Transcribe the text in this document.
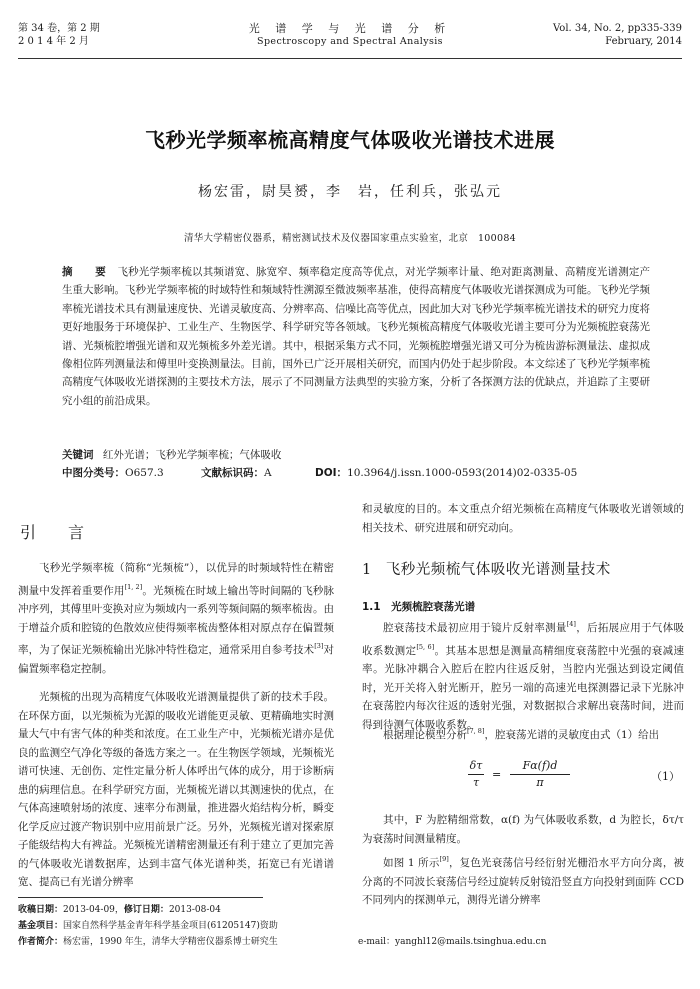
第 34 卷，第 2 期
2 0 1 4 年 2 月
光 谱 学 与 光 谱 分 析
Spectroscopy and Spectral Analysis
Vol. 34, No. 2, pp335-339
February, 2014
飞秒光学频率梳高精度气体吸收光谱技术进展
杨宏雷，尉昊赟，李　岩，任利兵，张弘元
清华大学精密仪器系，精密测试技术及仪器国家重点实验室，北京　100084
摘　要 飞秒光学频率梳以其频谱宽、脉宽窄、频率稳定度高等优点，对光学频率计量、绝对距离测量、高精度光谱测定产生重大影响。飞秒光学频率梳的时域特性和频域特性溯源至微波频率基准，使得高精度气体吸收光谱探测成为可能。飞秒光学频率梳光谱技术具有测量速度快、光谱灵敏度高、分辨率高、信噪比高等优点，因此加大对飞秒光学频率梳光谱技术的研究力度将更好地服务于环境保护、工业生产、生物医学、科学研究等各领域。飞秒光频梳高精度气体吸收光谱主要可分为光频梳腔衰荡光谱、光频梳腔增强光谱和双光频梳多外差光谱。其中，根据采集方式不同，光频梳腔增强光谱又可分为梳齿游标测量法、虚拟成像相位阵列测量法和傅里叶变换测量法。目前，国外已广泛开展相关研究，而国内仍处于起步阶段。本文综述了飞秒光学频率梳高精度气体吸收光谱探测的主要技术方法，展示了不同测量方法典型的实验方案，分析了各探测方法的优缺点，并追踪了主要研究小组的前沿成果。
关键词 红外光谱；飞秒光学频率梳；气体吸收
中图分类号：O657.3	文献标识码：A	DOI：10.3964/j.issn.1000-0593(2014)02-0335-05
引　言
飞秒光学频率梳（简称“光频梳”），以优异的时频域特性在精密测量中发挥着重要作用[1, 2]。光频梳在时域上输出等时间隔的飞秒脉冲序列，其傅里叶变换对应为频域内一系列等频间隔的频率梳齿。由于增益介质和腔镜的色散效应使得频率梳齿整体相对原点存在偏置频率，为了保证光频梳输出光脉冲特性稳定，通常采用自参考技术[3]对偏置频率稳定控制。
光频梳的出现为高精度气体吸收光谱测量提供了新的技术手段。在环保方面，以光频梳为光源的吸收光谱能更灵敏、更精确地实时测量大气中有害气体的种类和浓度。在工业生产中，光频梳光谱亦是优良的监测空气净化等级的备选方案之一。在生物医学领域，光频梳光谱可快速、无创伤、定性定量分析人体呼出气体的成分，用于诊断病患的病理信息。在科学研究方面，光频梳光谱以其测速快的优点，在气体高速喷射场的浓度、速率分布测量，推进器火焰结构分析，瞬变化学反应过渡产物识别中应用前景广泛。另外，光频梳光谱对探索原子能级结构大有裨益。光频梳光谱精密测量还有利于建立了更加完善的气体吸收光谱数据库，达到丰富气体光谱种类，拓宽已有光谱谱宽、提高已有光谱分辨率
和灵敏度的目的。本文重点介绍光频梳在高精度气体吸收光谱领域的相关技术、研究进展和研究动向。
1 飞秒光频梳气体吸收光谱测量技术
1.1　光频梳腔衰荡光谱
腔衰荡技术最初应用于镜片反射率测量[4]，后拓展应用于气体吸收系数测定[5, 6]。其基本思想是测量高精细度衰荡腔中光强的衰减速率。光脉冲耦合入腔后在腔内往返反射，当腔内光强达到设定阈值时，光开关将入射光断开，腔另一端的高速光电探测器记录下光脉冲在衰荡腔内每次往返的透射光强，对数据拟合求解出衰荡时间，进而得到待测气体吸收系数。
根据理论模型分析[7, 8]，腔衰荡光谱的灵敏度由式（1）给出
$\frac{\delta\tau}{\tau} = \frac{F\alpha(f)d}{\pi}$	（1）
其中，F 为腔精细常数，α(f) 为气体吸收系数，d 为腔长，δτ/τ 为衰荡时间测量精度。
如图 1 所示[9]，复色光衰荡信号经衍射光栅沿水平方向分离，被分离的不同波长衰荡信号经过旋转反射镜沿竖直方向投射到面阵 CCD 不同列内的探测单元，测得光谱分辨率
收稿日期：2013-04-09，修订日期：2013-08-04
基金项目：国家自然科学基金青年科学基金项目(61205147)资助
作者简介：杨宏雷，1990 年生，清华大学精密仪器系博士研究生	e-mail：yanghl12@mails.tsinghua.edu.cn
